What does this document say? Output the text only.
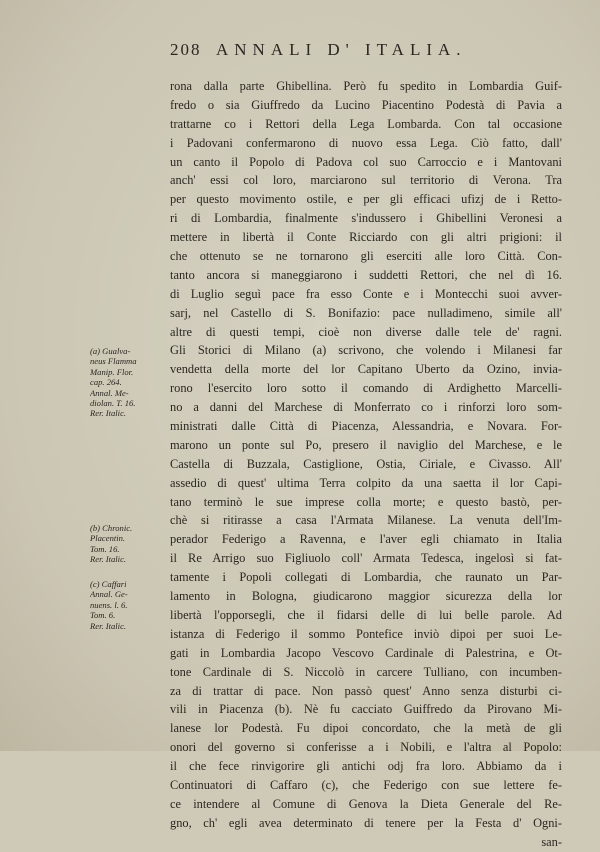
208 ANNALI D' ITALIA.
rona dalla parte Ghibellina. Però fu spedito in Lombardia Guif-
fredo o sia Giuffredo da Lucino Piacentino Podestà di Pavia a
trattarne co i Rettori della Lega Lombarda. Con tal occasione
i Padovani confermarono di nuovo essa Lega. Ciò fatto, dall'
un canto il Popolo di Padova col suo Carroccio e i Mantovani
anch' essi col loro, marciarono sul territorio di Verona. Tra
per questo movimento ostile, e per gli efficaci ufizj de i Retto-
ri di Lombardia, finalmente s'indussero i Ghibellini Veronesi a
mettere in libertà il Conte Ricciardo con gli altri prigioni: il
che ottenuto se ne tornarono gli eserciti alle loro Città. Con-
tanto ancora si maneggiarono i suddetti Rettori, che nel dì 16.
di Luglio seguì pace fra esso Conte e i Montecchi suoi avver-
sarj, nel Castello di S. Bonifazio: pace nulladimeno, simile all'
altre di questi tempi, cioè non diverse dalle tele de' ragni.
Gli Storici di Milano (a) scrivono, che volendo i Milanesi far
vendetta della morte del lor Capitano Uberto da Ozino, invia-
rono l'esercito loro sotto il comando di Ardighetto Marcelli-
no a danni del Marchese di Monferrato co i rinforzi loro som-
ministrati dalle Città di Piacenza, Alessandria, e Novara. For-
marono un ponte sul Po, presero il naviglio del Marchese, e le
Castella di Buzzala, Castiglione, Ostia, Ciriale, e Civasso. All'
assedio di quest' ultima Terra colpito da una saetta il lor Capi-
tano terminò le sue imprese colla morte; e questo bastò, per-
chè si ritirasse a casa l'Armata Milanese. La venuta dell'Im-
perador Federigo a Ravenna, e l'aver egli chiamato in Italia
il Re Arrigo suo Figliuolo coll' Armata Tedesca, ingelosì si fat-
tamente i Popoli collegati di Lombardia, che raunato un Par-
lamento in Bologna, giudicarono maggior sicurezza della lor
libertà l'opporsegli, che il fidarsi delle di lui belle parole. Ad
istanza di Federigo il sommo Pontefice inviò dipoi per suoi Le-
gati in Lombardia Jacopo Vescovo Cardinale di Palestrina, e Ot-
tone Cardinale di S. Niccolò in carcere Tulliano, con incumben-
za di trattar di pace. Non passò quest' Anno senza disturbi ci-
vili in Piacenza (b). Nè fu cacciato Guiffredo da Pirovano Mi-
lanese lor Podestà. Fu dipoi concordato, che la metà de gli
onori del governo si conferisse a i Nobili, e l'altra al Popolo:
il che fece rinvigorire gli antichi odj fra loro. Abbiamo da i
Continuatori di Caffaro (c), che Federigo con sue lettere fe-
ce intendere al Comune di Genova la Dieta Generale del Re-
gno, ch' egli avea determinato di tenere per la Festa d' Ogni-
san-
(a) Gualva-
neus Flamma
Manip. Flor.
cap. 264.
Annal. Me-
diolan. T. 16.
Rer. Italic.
(b) Chronic.
Placentin.
Tom. 16.
Rer. Italic.
(c) Caffari
Annal. Ge-
nuens. l. 6.
Tom. 6.
Rer. Italic.
